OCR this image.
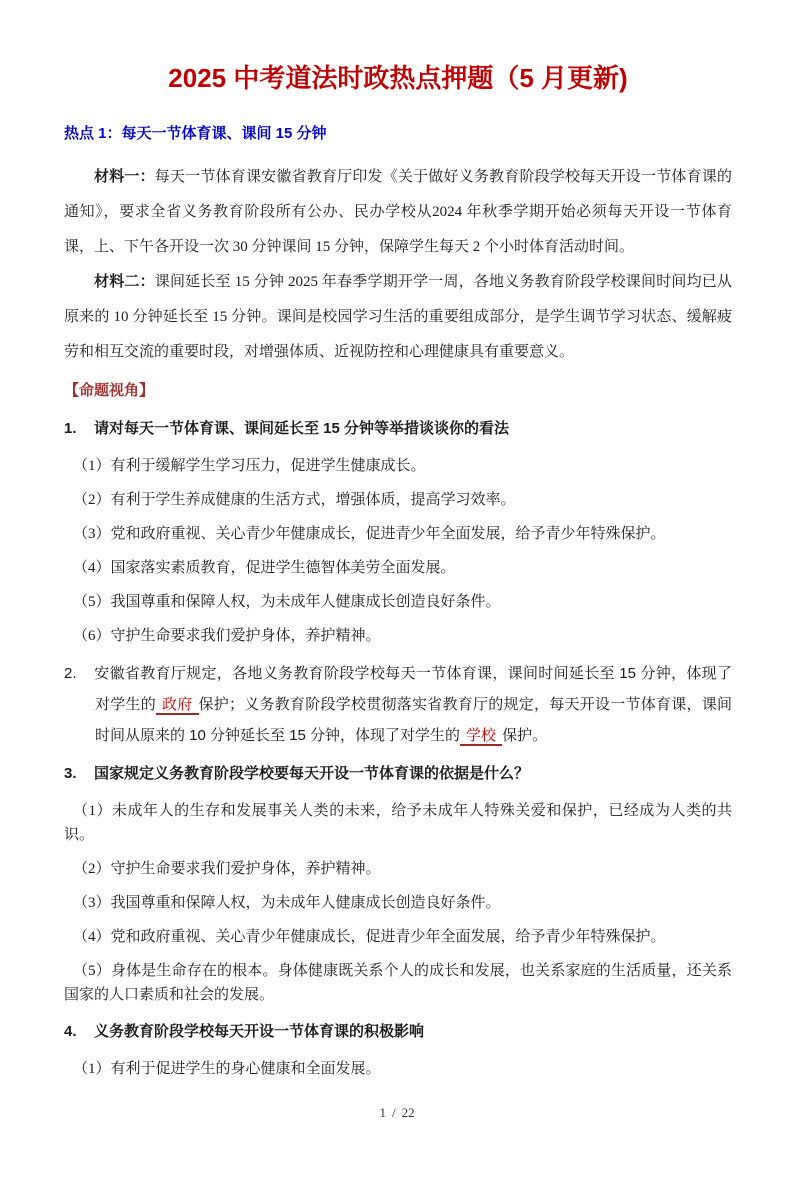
2025 中考道法时政热点押题（5 月更新)
热点 1：每天一节体育课、课间 15 分钟

材料一：每天一节体育课安徽省教育厅印发《关于做好义务教育阶段学校每天开设一节体育课的通知》，要求全省义务教育阶段所有公办、民办学校从2024 年秋季学期开始必须每天开设一节体育课，上、下午各开设一次 30 分钟课间 15 分钟，保障学生每天 2 个小时体育活动时间。

材料二：课间延长至 15 分钟 2025 年春季学期开学一周，各地义务教育阶段学校课间时间均已从原来的 10 分钟延长至 15 分钟。课间是校园学习生活的重要组成部分，是学生调节学习状态、缓解疲劳和相互交流的重要时段，对增强体质、近视防控和心理健康具有重要意义。

【命题视角】

1. 请对每天一节体育课、课间延长至 15 分钟等举措谈谈你的看法

（1）有利于缓解学生学习压力，促进学生健康成长。

（2）有利于学生养成健康的生活方式，增强体质，提高学习效率。

（3）党和政府重视、关心青少年健康成长，促进青少年全面发展，给予青少年特殊保护。

（4）国家落实素质教育，促进学生德智体美劳全面发展。

（5）我国尊重和保障人权，为未成年人健康成长创造良好条件。

（6）守护生命要求我们爱护身体，养护精神。

2. 安徽省教育厅规定，各地义务教育阶段学校每天一节体育课，课间时间延长至 15 分钟，体现了对学生的 政府 保护；义务教育阶段学校贯彻落实省教育厅的规定，每天开设一节体育课，课间时间从原来的 10 分钟延长至 15 分钟，体现了对学生的 学校 保护。

3. 国家规定义务教育阶段学校要每天开设一节体育课的依据是什么？

（1）未成年人的生存和发展事关人类的未来，给予未成年人特殊关爱和保护，已经成为人类的共识。

（2）守护生命要求我们爱护身体，养护精神。

（3）我国尊重和保障人权，为未成年人健康成长创造良好条件。

（4）党和政府重视、关心青少年健康成长，促进青少年全面发展，给予青少年特殊保护。

（5）身体是生命存在的根本。身体健康既关系个人的成长和发展，也关系家庭的生活质量，还关系国家的人口素质和社会的发展。

4. 义务教育阶段学校每天开设一节体育课的积极影响

（1）有利于促进学生的身心健康和全面发展。

1 / 22
